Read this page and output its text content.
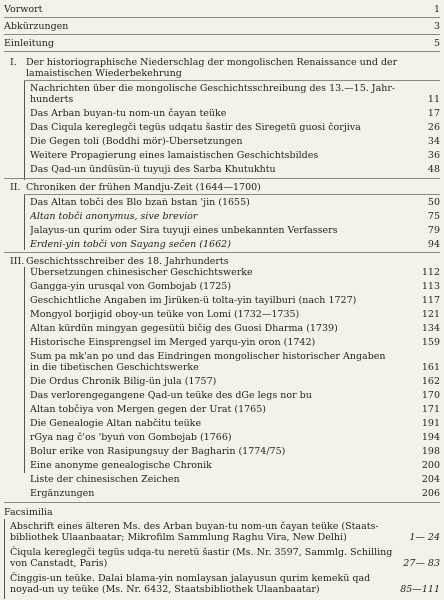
Vorwort	1
Abkürzungen	3
Einleitung	5
I. Der historiographische Niederschlag der mongolischen Renaissance und der
lamaistischen Wiederbekehrung
Nachrichten über die mongolische Geschichtsschreibung des 13.—15. Jahr-
hunderts	11
Das Arban buyan-tu nom-un čayan teüke	17
Das Čiqula kereglegči tegüs udqatu šastir des Siregetü guosi čorjiva	26
Die Gegen toli (Boddhi mör)-Übersetzungen	34
Weitere Propagierung eines lamaistischen Geschichtsbildes	36
Das Qad-un ündüsün-ü tuyuji des Šarba Khutukhtu	48
II. Chroniken der frühen Mandju-Zeit (1644—1700)
Das Altan tobči des Blo bzaṅ bstan 'jin (1655)	50
Altan tobči anonymus, sive brevior	75
Jalayus-un qurim oder Sira tuyuji eines unbekannten Verfassers	79
Erdeni-yin tobči von Sayang sečen (1662)	94
III. Geschichtsschreiber des 18. Jahrhunderts
Übersetzungen chinesischer Geschichtswerke	112
Gangga-yin urusqal von Gombojab (1725)	113
Geschichtliche Angaben im Jirüken-ü tolta-yin tayilburi (nach 1727)	117
Mongyol borjigid oboy-un teüke von Lomi (1732—1735)	121
Altan kürdün mingyan gegesütü bičig des Guosi Dharma (1739)	134
Historische Einsprengsel im Merged yarqu-yin oron (1742)	159
Sum pa mk'an po und das Eindringen mongolischer historischer Angaben
in die tibetischen Geschichtswerke	161
Die Ordus Chronik Bilig-ün jula (1757)	162
Das verlorengegangene Qad-un teüke des dGe legs nor bu	170
Altan tobčiya von Mergen gegen der Urat (1765)	171
Die Genealogie Altan nabčitu teüke	191
rGya nag č'os 'byuṅ von Gombojab (1766)	194
Bolur erike von Rasipungsuy der Bagharin (1774/75)	198
Eine anonyme genealogische Chronik	200
Liste der chinesischen Zeichen	204
Ergänzungen	206
Facsimilia
Abschrift eines älteren Ms. des Arban buyan-tu nom-un čayan teüke (Staats-
bibliothek Ulaanbaatar; Mikrofilm Sammlung Raghu Vira, New Delhi)	1— 24
Čiqula kereglegči tegüs udqa-tu neretü šastir (Ms. Nr. 3597, Sammlg. Schilling
von Canstadt, Paris)	27— 83
Činggis-un teüke. Dalai blama-yin nomlaysan jalayusun qurim kemekü qad
noyad-un uy teüke (Ms. Nr. 6432, Staatsbibliothek Ulaanbaatar)	85—111
